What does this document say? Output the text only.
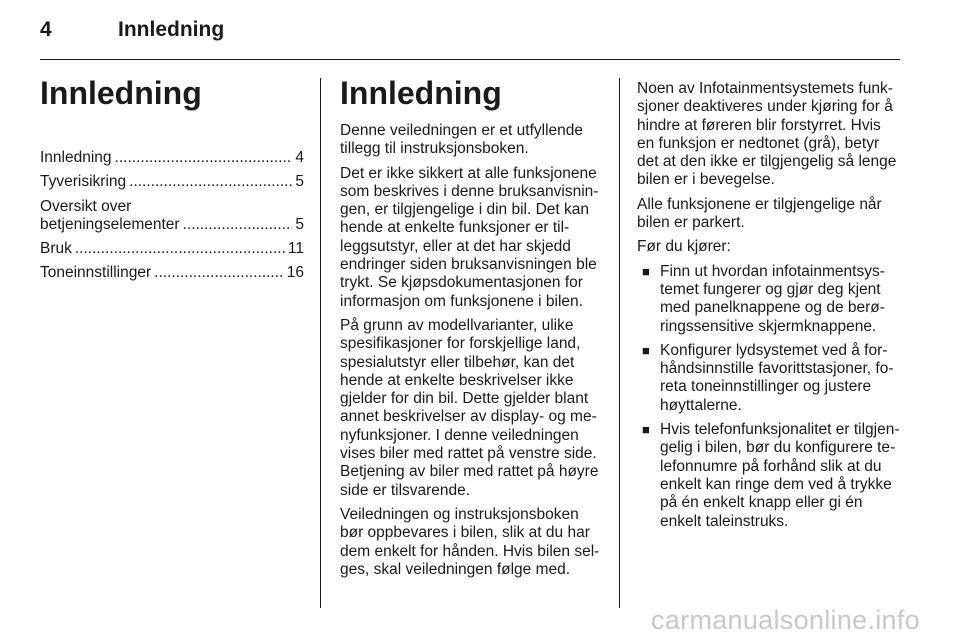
4	Innledning
Innledning
Innledning .....	4
Tyverisikring .....	5
Oversikt over
betjeningselementer .....	5
Bruk .....	11
Toneinnstillinger .....	16
Innledning

Denne veiledningen er et utfyllende tillegg til instruksjonsboken.

Det er ikke sikkert at alle funksjonene som beskrives i denne bruksanvisningen, er tilgjengelige i din bil. Det kan hende at enkelte funksjoner er tilleggsutstyr, eller at det har skjedd endringer siden bruksanvisningen ble trykt. Se kjøpsdokumentasjonen for informasjon om funksjonene i bilen.

På grunn av modellvarianter, ulike spesifikasjoner for forskjellige land, spesialutstyr eller tilbehør, kan det hende at enkelte beskrivelser ikke gjelder for din bil. Dette gjelder blant annet beskrivelser av display- og menyfunksjoner. I denne veiledningen vises biler med rattet på venstre side. Betjening av biler med rattet på høyre side er tilsvarende.

Veiledningen og instruksjonsboken bør oppbevares i bilen, slik at du har dem enkelt for hånden. Hvis bilen selges, skal veiledningen følge med.

Noen av Infotainmentsystemets funksjoner deaktiveres under kjøring for å hindre at føreren blir forstyrret. Hvis en funksjon er nedtonet (grå), betyr det at den ikke er tilgjengelig så lenge bilen er i bevegelse.

Alle funksjonene er tilgjengelige når bilen er parkert.

Før du kjører:

■ Finn ut hvordan infotainmentsystemet fungerer og gjør deg kjent med panelknappene og de berøringssensitive skjermknappene.
■ Konfigurer lydsystemet ved å forhåndsinnstille favorittstasjoner, foreta toneinnstillinger og justere høyttalerne.
■ Hvis telefonfunksjonalitet er tilgjengelig i bilen, bør du konfigurere telefonnumre på forhånd slik at du enkelt kan ringe dem ved å trykke på én enkelt knapp eller gi én enkelt taleinstruks.
carmanualsonline.info
